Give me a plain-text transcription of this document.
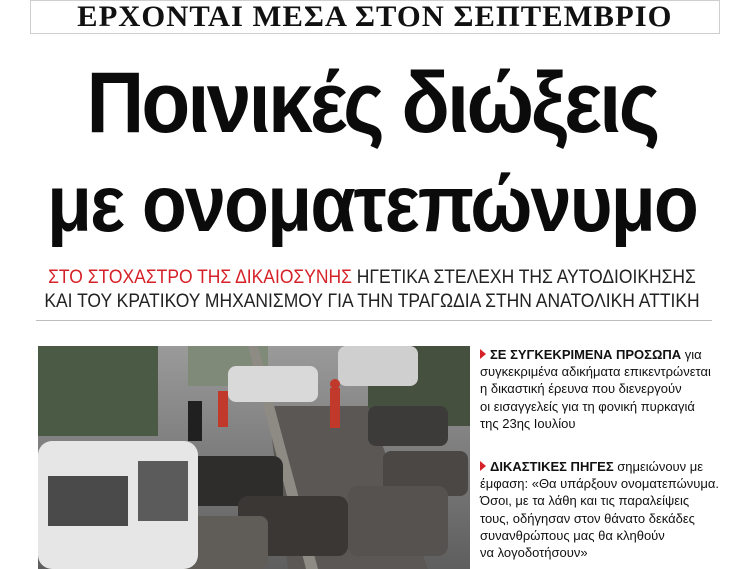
ΕΡΧΟΝΤΑΙ ΜΕΣΑ ΣΤΟΝ ΣΕΠΤΕΜΒΡΙΟ
Ποινικές διώξεις
με ονοματεπώνυμο
ΣΤΟ ΣΤΟΧΑΣΤΡΟ ΤΗΣ ΔΙΚΑΙΟΣΥΝΗΣ ΗΓΕΤΙΚΑ ΣΤΕΛΕΧΗ ΤΗΣ ΑΥΤΟΔΙΟΙΚΗΣΗΣ
ΚΑΙ ΤΟΥ ΚΡΑΤΙΚΟΥ ΜΗΧΑΝΙΣΜΟΥ ΓΙΑ ΤΗΝ ΤΡΑΓΩΔΙΑ ΣΤΗΝ ΑΝΑΤΟΛΙΚΗ ΑΤΤΙΚΗ
ΣΕ ΣΥΓΚΕΚΡΙΜΕΝΑ ΠΡΟΣΩΠΑ για
συγκεκριμένα αδικήματα επικεντρώνεται
η δικαστική έρευνα που διενεργούν
οι εισαγγελείς για τη φονική πυρκαγιά
της 23ης Ιουλίου
ΔΙΚΑΣΤΙΚΕΣ ΠΗΓΕΣ σημειώνουν με
έμφαση: «Θα υπάρξουν ονοματεπώνυμα.
Όσοι, με τα λάθη και τις παραλείψεις
τους, οδήγησαν στον θάνατο δεκάδες
συνανθρώπους μας θα κληθούν
να λογοδοτήσουν»
